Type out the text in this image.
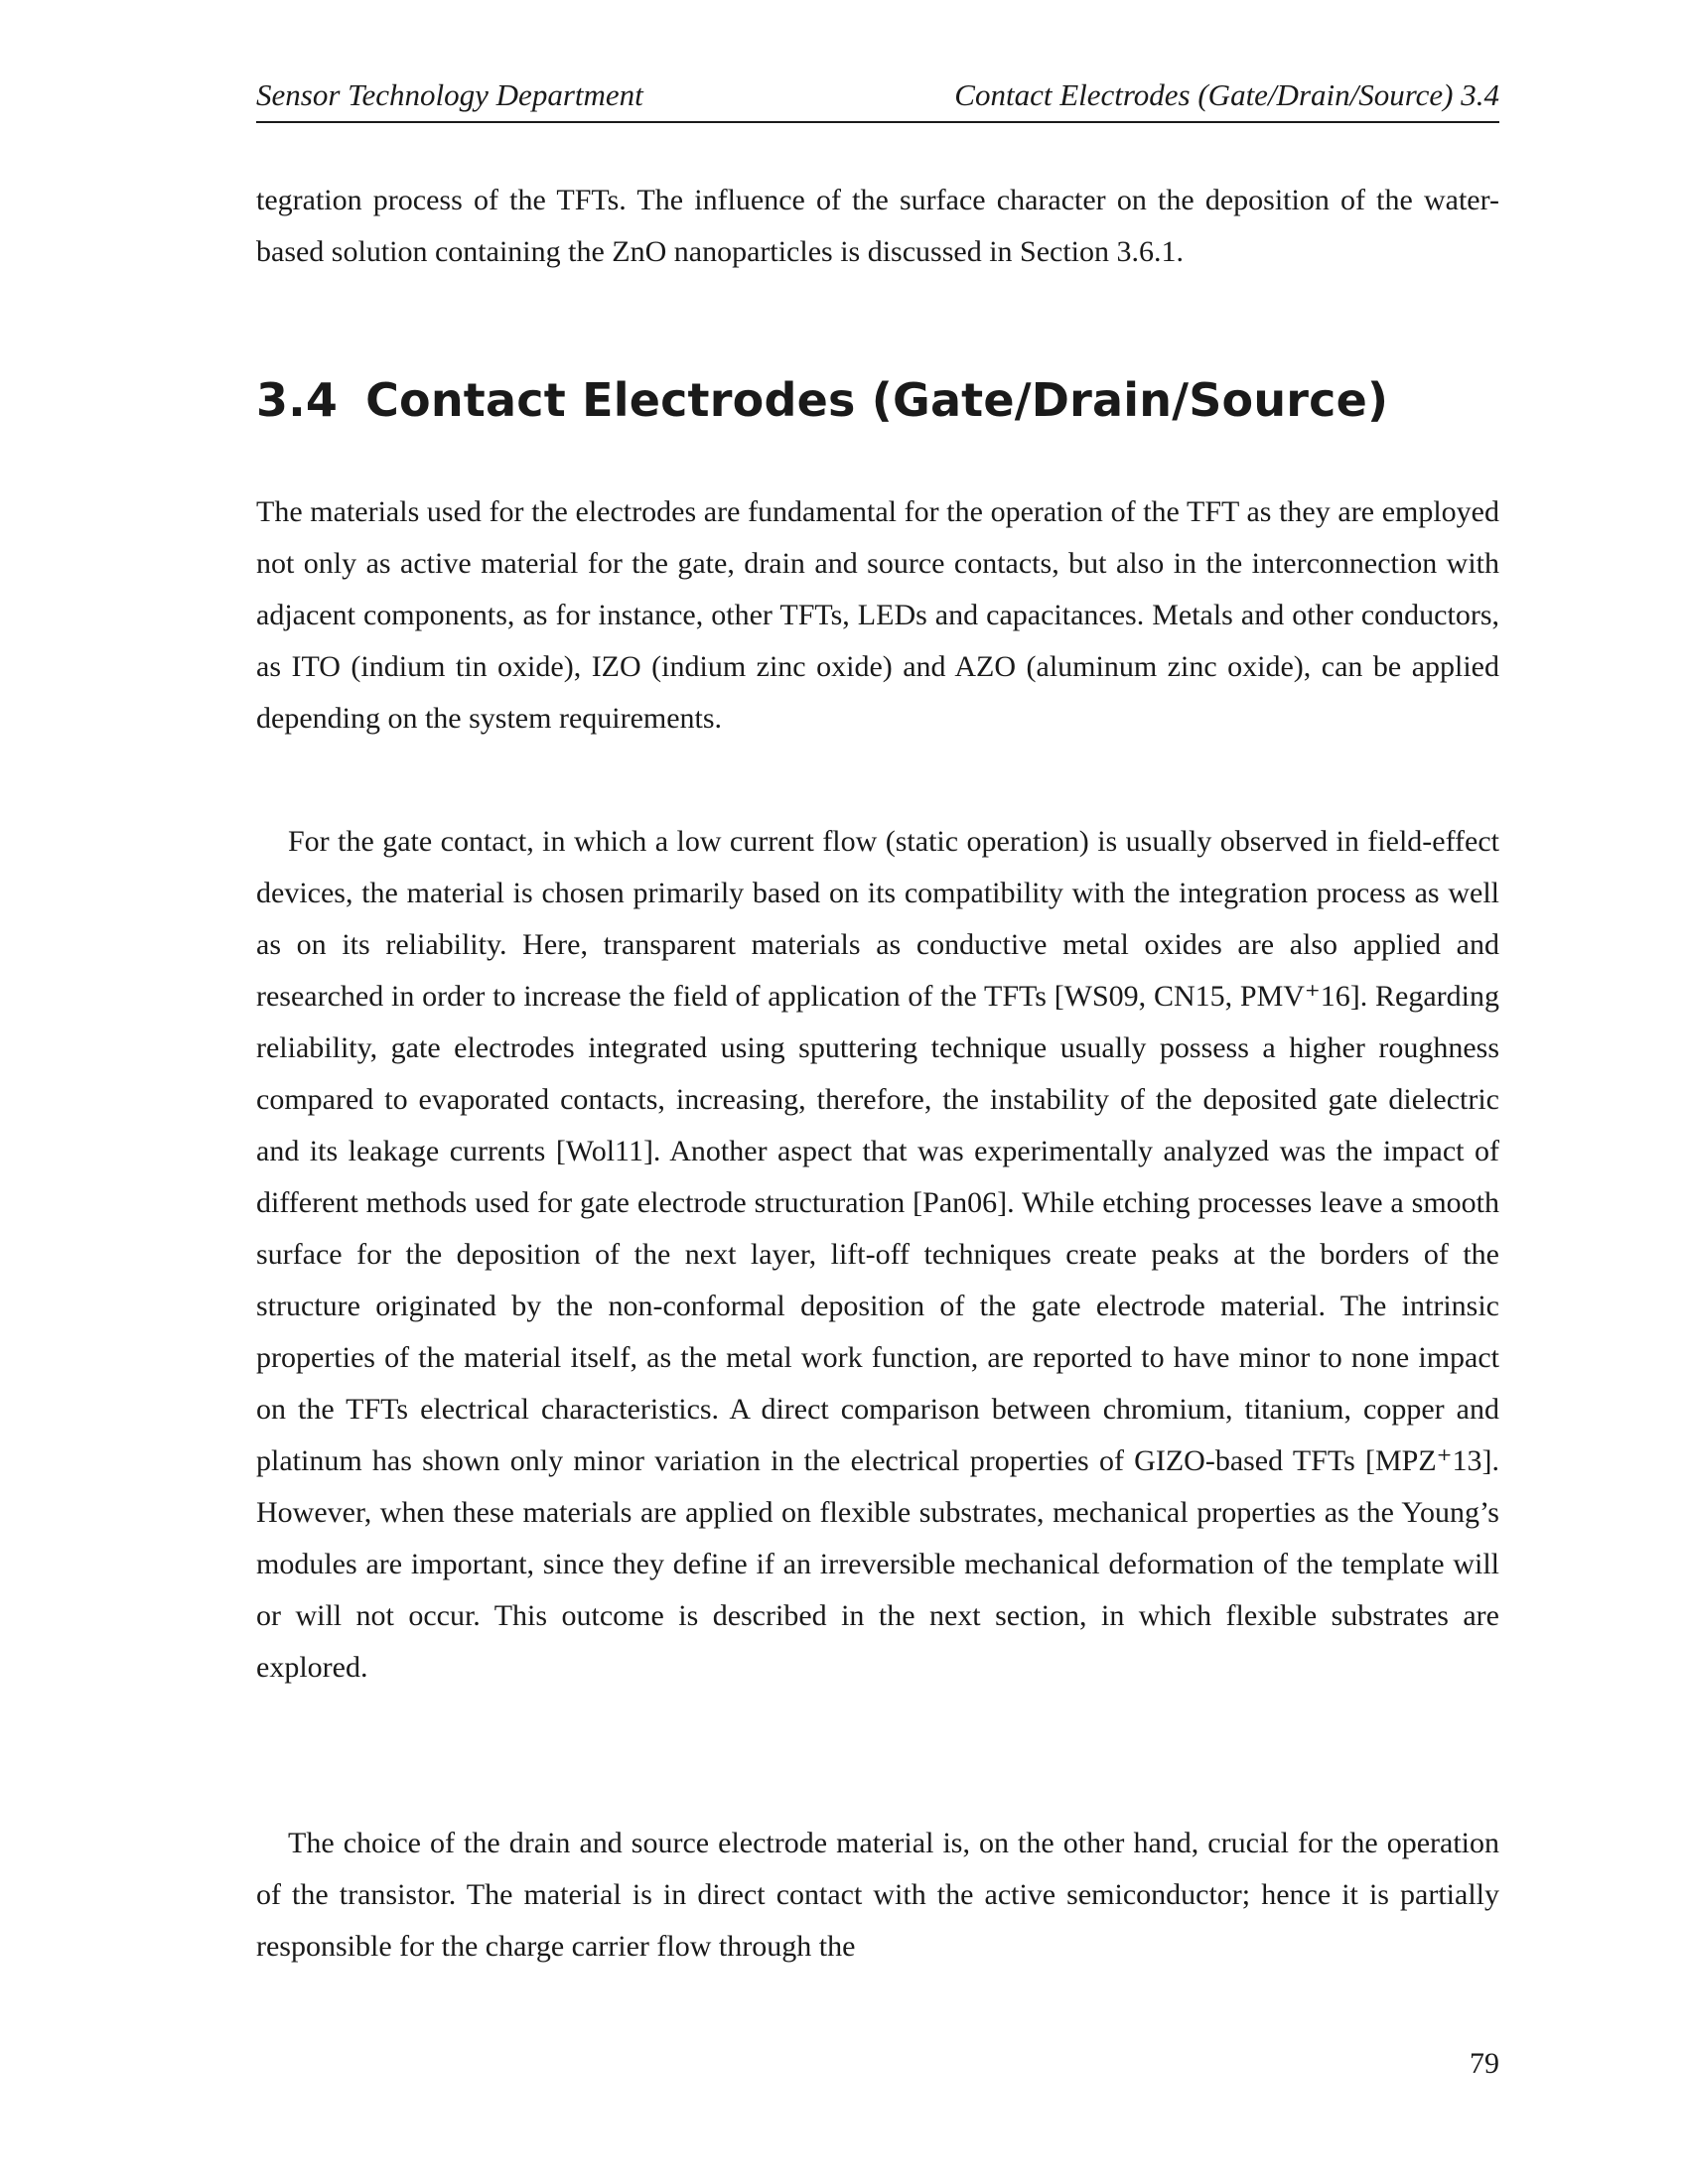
Sensor Technology Department	Contact Electrodes (Gate/Drain/Source) 3.4

tegration process of the TFTs. The influence of the surface character on the deposition of the water-based solution containing the ZnO nanoparticles is discussed in Section 3.6.1.

3.4 Contact Electrodes (Gate/Drain/Source)

The materials used for the electrodes are fundamental for the operation of the TFT as they are employed not only as active material for the gate, drain and source contacts, but also in the interconnection with adjacent components, as for instance, other TFTs, LEDs and capacitances. Metals and other conductors, as ITO (indium tin oxide), IZO (indium zinc oxide) and AZO (aluminum zinc oxide), can be applied depending on the system requirements.

For the gate contact, in which a low current flow (static operation) is usually observed in field-effect devices, the material is chosen primarily based on its compatibility with the integration process as well as on its reliability. Here, transparent materials as conductive metal oxides are also applied and researched in order to increase the field of application of the TFTs [WS09, CN15, PMV⁺16]. Regarding reliability, gate electrodes integrated using sputtering technique usually possess a higher roughness compared to evaporated contacts, increasing, therefore, the instability of the deposited gate dielectric and its leakage currents [Wol11]. Another aspect that was experimentally analyzed was the impact of different methods used for gate electrode structuration [Pan06]. While etching processes leave a smooth surface for the deposition of the next layer, lift-off techniques create peaks at the borders of the structure originated by the non-conformal deposition of the gate electrode material. The intrinsic properties of the material itself, as the metal work function, are reported to have minor to none impact on the TFTs electrical characteristics. A direct comparison between chromium, titanium, copper and platinum has shown only minor variation in the electrical properties of GIZO-based TFTs [MPZ⁺13]. However, when these materials are applied on flexible substrates, mechanical properties as the Young’s modules are important, since they define if an irreversible mechanical deformation of the template will or will not occur. This outcome is described in the next section, in which flexible substrates are explored.

The choice of the drain and source electrode material is, on the other hand, crucial for the operation of the transistor. The material is in direct contact with the active semiconductor; hence it is partially responsible for the charge carrier flow through the

79
